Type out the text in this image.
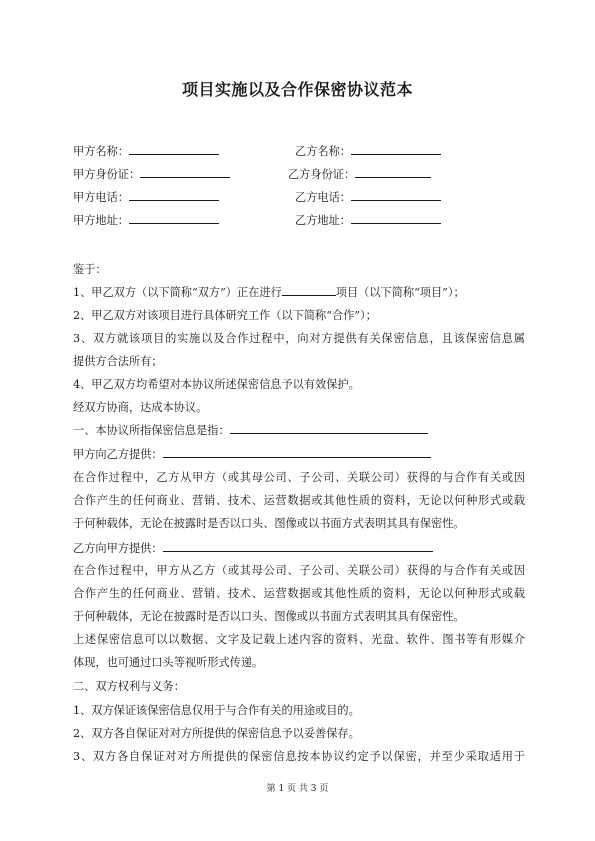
项目实施以及合作保密协议范本
甲方名称：	乙方名称：
甲方身份证：	乙方身份证：
甲方电话：	乙方电话：
甲方地址：	乙方地址：
鉴于：
1、甲乙双方（以下简称“双方”）正在进行	项目（以下简称“项目”）；
2、甲乙双方对该项目进行具体研究工作（以下简称“合作”）；
3、双方就该项目的实施以及合作过程中，向对方提供有关保密信息，且该保密信息属
提供方合法所有；
4、甲乙双方均希望对本协议所述保密信息予以有效保护。
经双方协商，达成本协议。
一、本协议所指保密信息是指：
甲方向乙方提供：
在合作过程中，乙方从甲方（或其母公司、子公司、关联公司）获得的与合作有关或因
合作产生的任何商业、营销、技术、运营数据或其他性质的资料，无论以何种形式或载
于何种载体，无论在披露时是否以口头、图像或以书面方式表明其具有保密性。
乙方向甲方提供：
在合作过程中，甲方从乙方（或其母公司、子公司、关联公司）获得的与合作有关或因
合作产生的任何商业、营销、技术、运营数据或其他性质的资料，无论以何种形式或载
于何种载体，无论在披露时是否以口头、图像或以书面方式表明其具有保密性。
上述保密信息可以以数据、文字及记载上述内容的资料、光盘、软件、图书等有形媒介
体现，也可通过口头等视听形式传递。
二、双方权利与义务：
1、双方保证该保密信息仅用于与合作有关的用途或目的。
2、双方各自保证对对方所提供的保密信息予以妥善保存。
3、双方各自保证对对方所提供的保密信息按本协议约定予以保密，并至少采取适用于
第 1 页 共 3 页
